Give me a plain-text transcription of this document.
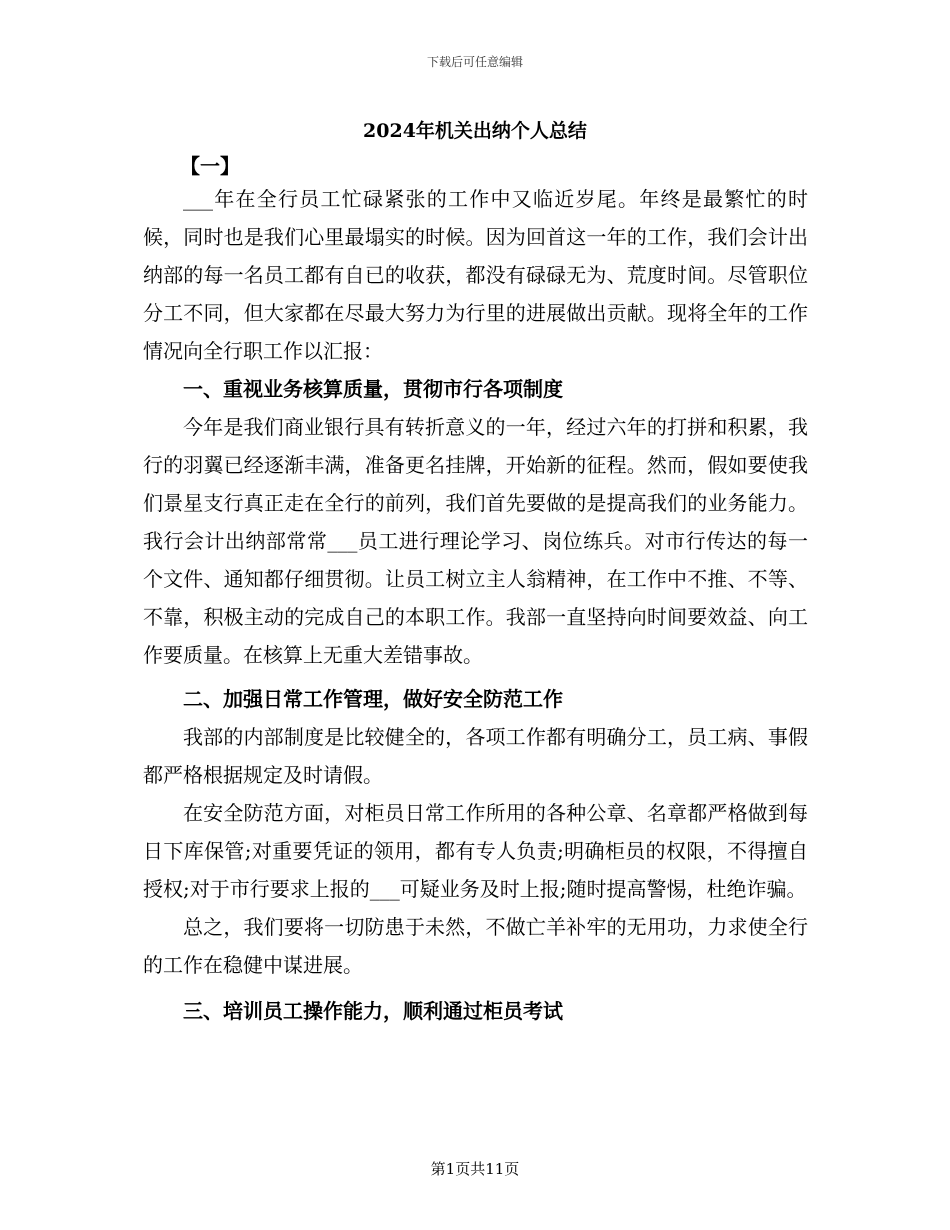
下载后可任意编辑
2024年机关出纳个人总结
【一】

___年在全行员工忙碌紧张的工作中又临近岁尾。年终是最繁忙的时候，同时也是我们心里最塌实的时候。因为回首这一年的工作，我们会计出纳部的每一名员工都有自已的收获，都没有碌碌无为、荒度时间。尽管职位分工不同，但大家都在尽最大努力为行里的进展做出贡献。现将全年的工作情况向全行职工作以汇报：

一、重视业务核算质量，贯彻市行各项制度

今年是我们商业银行具有转折意义的一年，经过六年的打拼和积累，我行的羽翼已经逐渐丰满，准备更名挂牌，开始新的征程。然而，假如要使我们景星支行真正走在全行的前列，我们首先要做的是提高我们的业务能力。我行会计出纳部常常___员工进行理论学习、岗位练兵。对市行传达的每一个文件、通知都仔细贯彻。让员工树立主人翁精神，在工作中不推、不等、不靠，积极主动的完成自己的本职工作。我部一直坚持向时间要效益、向工作要质量。在核算上无重大差错事故。

二、加强日常工作管理，做好安全防范工作

我部的内部制度是比较健全的，各项工作都有明确分工，员工病、事假都严格根据规定及时请假。

在安全防范方面，对柜员日常工作所用的各种公章、名章都严格做到每日下库保管;对重要凭证的领用，都有专人负责;明确柜员的权限，不得擅自授权;对于市行要求上报的___可疑业务及时上报;随时提高警惕，杜绝诈骗。

总之，我们要将一切防患于未然，不做亡羊补牢的无用功，力求使全行的工作在稳健中谋进展。

三、培训员工操作能力，顺利通过柜员考试

第1页共11页
